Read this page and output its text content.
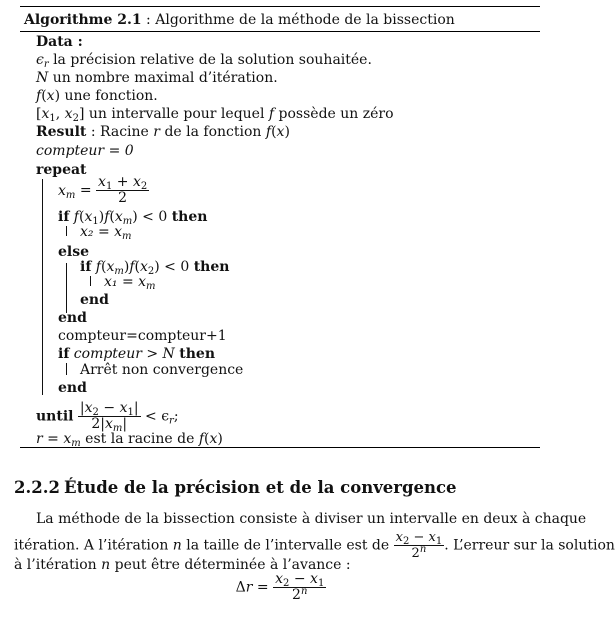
Algorithme 2.1 : Algorithme de la méthode de la bissection
Data :
$\epsilon_r$ la précision relative de la solution souhaitée.
N un nombre maximal d’itération.
f(x) une fonction.
[$x_1$, $x_2$] un intervalle pour lequel f possède un zéro
Result : Racine r de la fonction f(x)
compteur = 0
repeat
$x_m = \frac{x_1 + x_2}{2}$
if $f(x_1)f(x_m) < 0$ then
$x_2 = x_m$
else
if $f(x_m)f(x_2) < 0$ then
$x_1 = x_m$
end
end
compteur=compteur+1
if compteur > N then
Arrêt non convergence
end
until $\frac{|x_2 - x_1|}{2|x_m|} < \epsilon_r$;
$r = x_m$ est la racine de f(x)
2.2.2 Étude de la précision et de la convergence
La méthode de la bissection consiste à diviser un intervalle en deux à chaque
itération. A l’itération n la taille de l’intervalle est de $\frac{x_2 - x_1}{2^n}$ . L’erreur sur la solution
à l’itération n peut être déterminée à l’avance :
$\Delta r = \frac{x_2 - x_1}{2^n}$
